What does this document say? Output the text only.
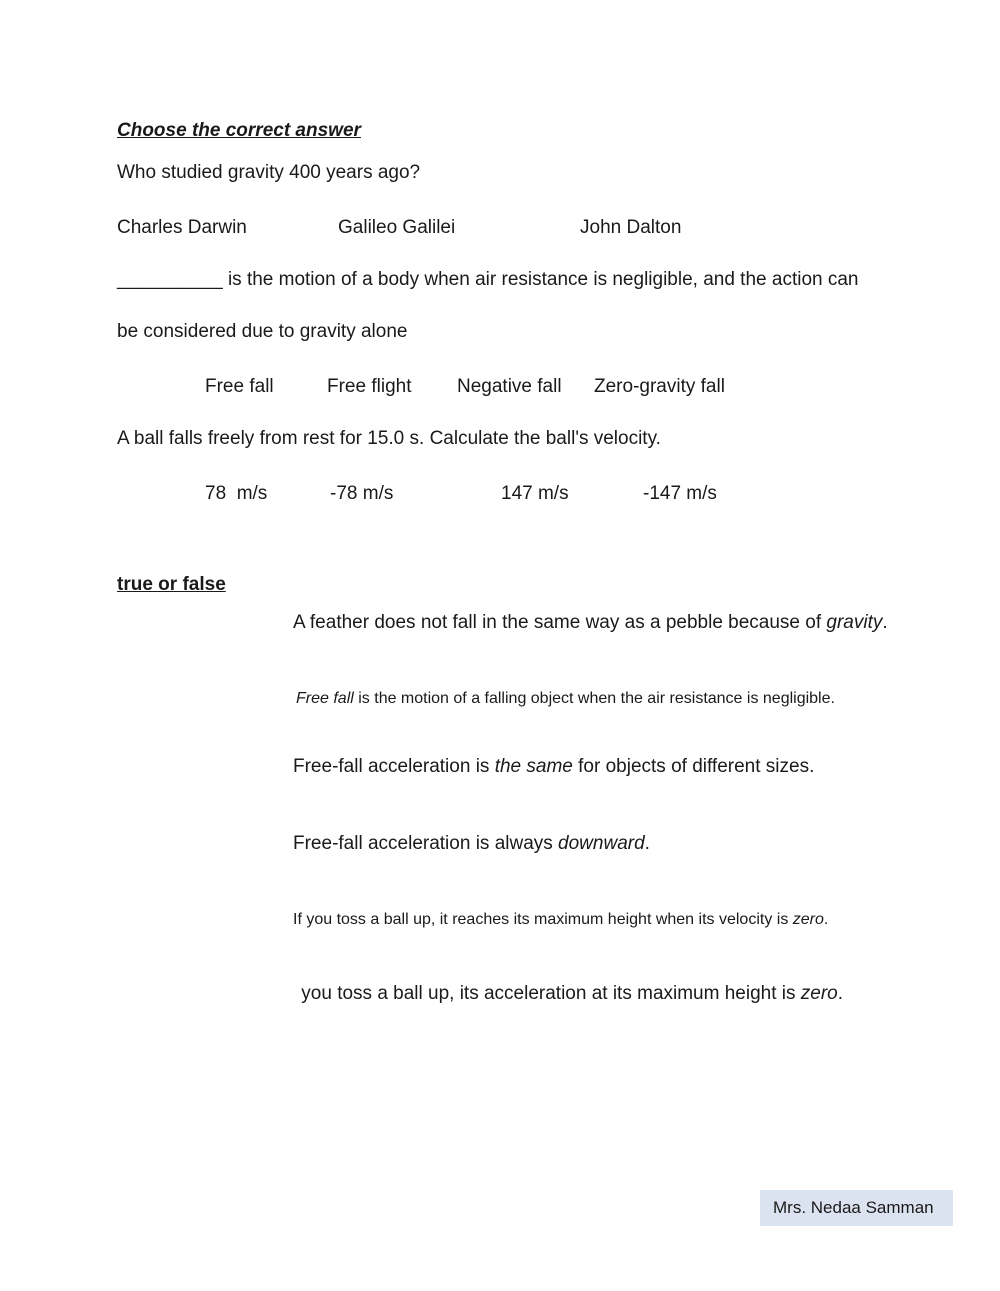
Choose the correct answer
Who studied gravity 400 years ago?
Charles Darwin	Galileo Galilei	John Dalton
__________ is the motion of a body when air resistance is negligible, and the action can
be considered due to gravity alone
Free fall	Free flight Negative fall Zero-gravity fall
A ball falls freely from rest for 15.0 s. Calculate the ball's velocity.
78  m/s	-78 m/s	147 m/s	-147 m/s
true or false
A feather does not fall in the same way as a pebble because of gravity.
Free fall is the motion of a falling object when the air resistance is negligible.
Free-fall acceleration is the same for objects of different sizes.
Free-fall acceleration is always downward.
If you toss a ball up, it reaches its maximum height when its velocity is zero.
you toss a ball up, its acceleration at its maximum height is zero.
Mrs. Nedaa Samman
